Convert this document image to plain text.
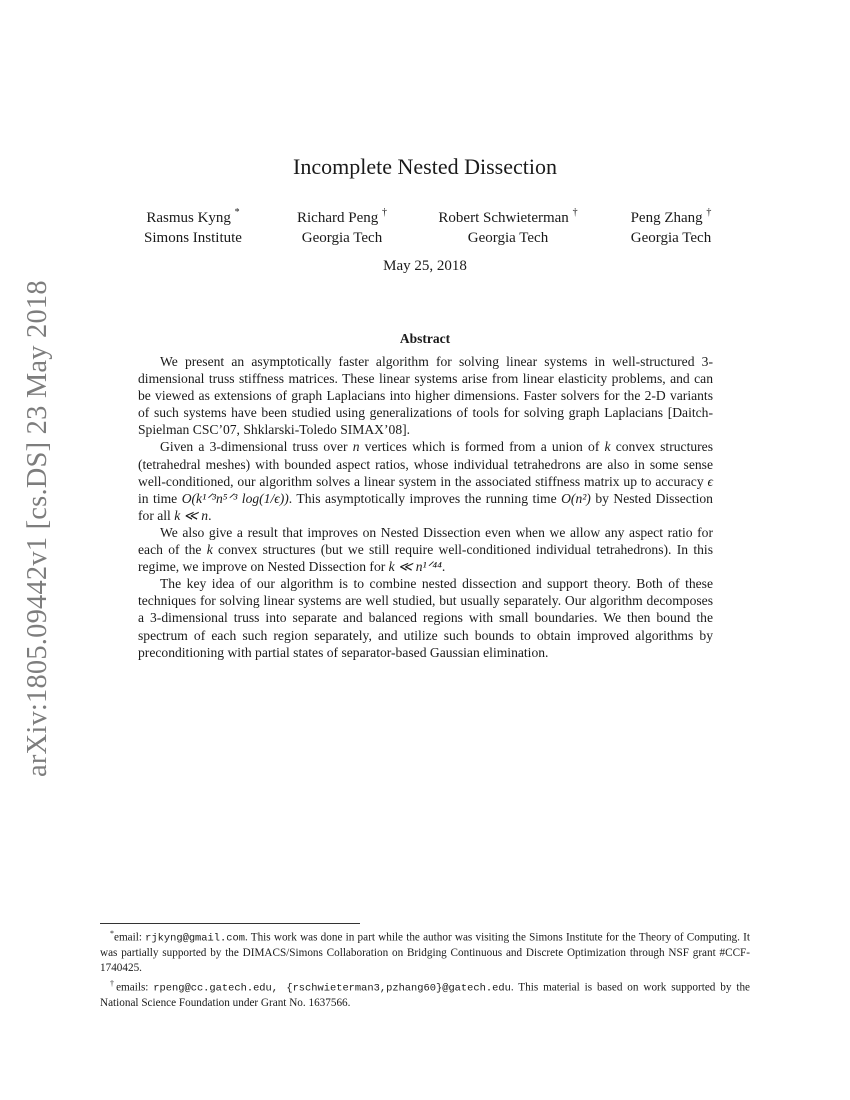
arXiv:1805.09442v1 [cs.DS] 23 May 2018
Incomplete Nested Dissection
Rasmus Kyng *
Simons Institute
Richard Peng †
Georgia Tech
Robert Schwieterman †
Georgia Tech
Peng Zhang †
Georgia Tech
May 25, 2018
Abstract

We present an asymptotically faster algorithm for solving linear systems in well-structured 3-dimensional truss stiffness matrices. These linear systems arise from linear elasticity problems, and can be viewed as extensions of graph Laplacians into higher dimensions. Faster solvers for the 2-D variants of such systems have been studied using generalizations of tools for solving graph Laplacians [Daitch-Spielman CSC’07, Shklarski-Toledo SIMAX’08].

Given a 3-dimensional truss over n vertices which is formed from a union of k convex structures (tetrahedral meshes) with bounded aspect ratios, whose individual tetrahedrons are also in some sense well-conditioned, our algorithm solves a linear system in the associated stiffness matrix up to accuracy ϵ in time O(k¹ᐟ³n⁵ᐟ³ log(1/ϵ)). This asymptotically improves the running time O(n²) by Nested Dissection for all k ≪ n.

We also give a result that improves on Nested Dissection even when we allow any aspect ratio for each of the k convex structures (but we still require well-conditioned individual tetrahedrons). In this regime, we improve on Nested Dissection for k ≪ n¹ᐟ⁴⁴.

The key idea of our algorithm is to combine nested dissection and support theory. Both of these techniques for solving linear systems are well studied, but usually separately. Our algorithm decomposes a 3-dimensional truss into separate and balanced regions with small boundaries. We then bound the spectrum of each such region separately, and utilize such bounds to obtain improved algorithms by preconditioning with partial states of separator-based Gaussian elimination.

*email: rjkyng@gmail.com. This work was done in part while the author was visiting the Simons Institute for the Theory of Computing. It was partially supported by the DIMACS/Simons Collaboration on Bridging Continuous and Discrete Optimization through NSF grant #CCF-1740425.

†emails: rpeng@cc.gatech.edu, {rschwieterman3,pzhang60}@gatech.edu. This material is based on work supported by the National Science Foundation under Grant No. 1637566.
